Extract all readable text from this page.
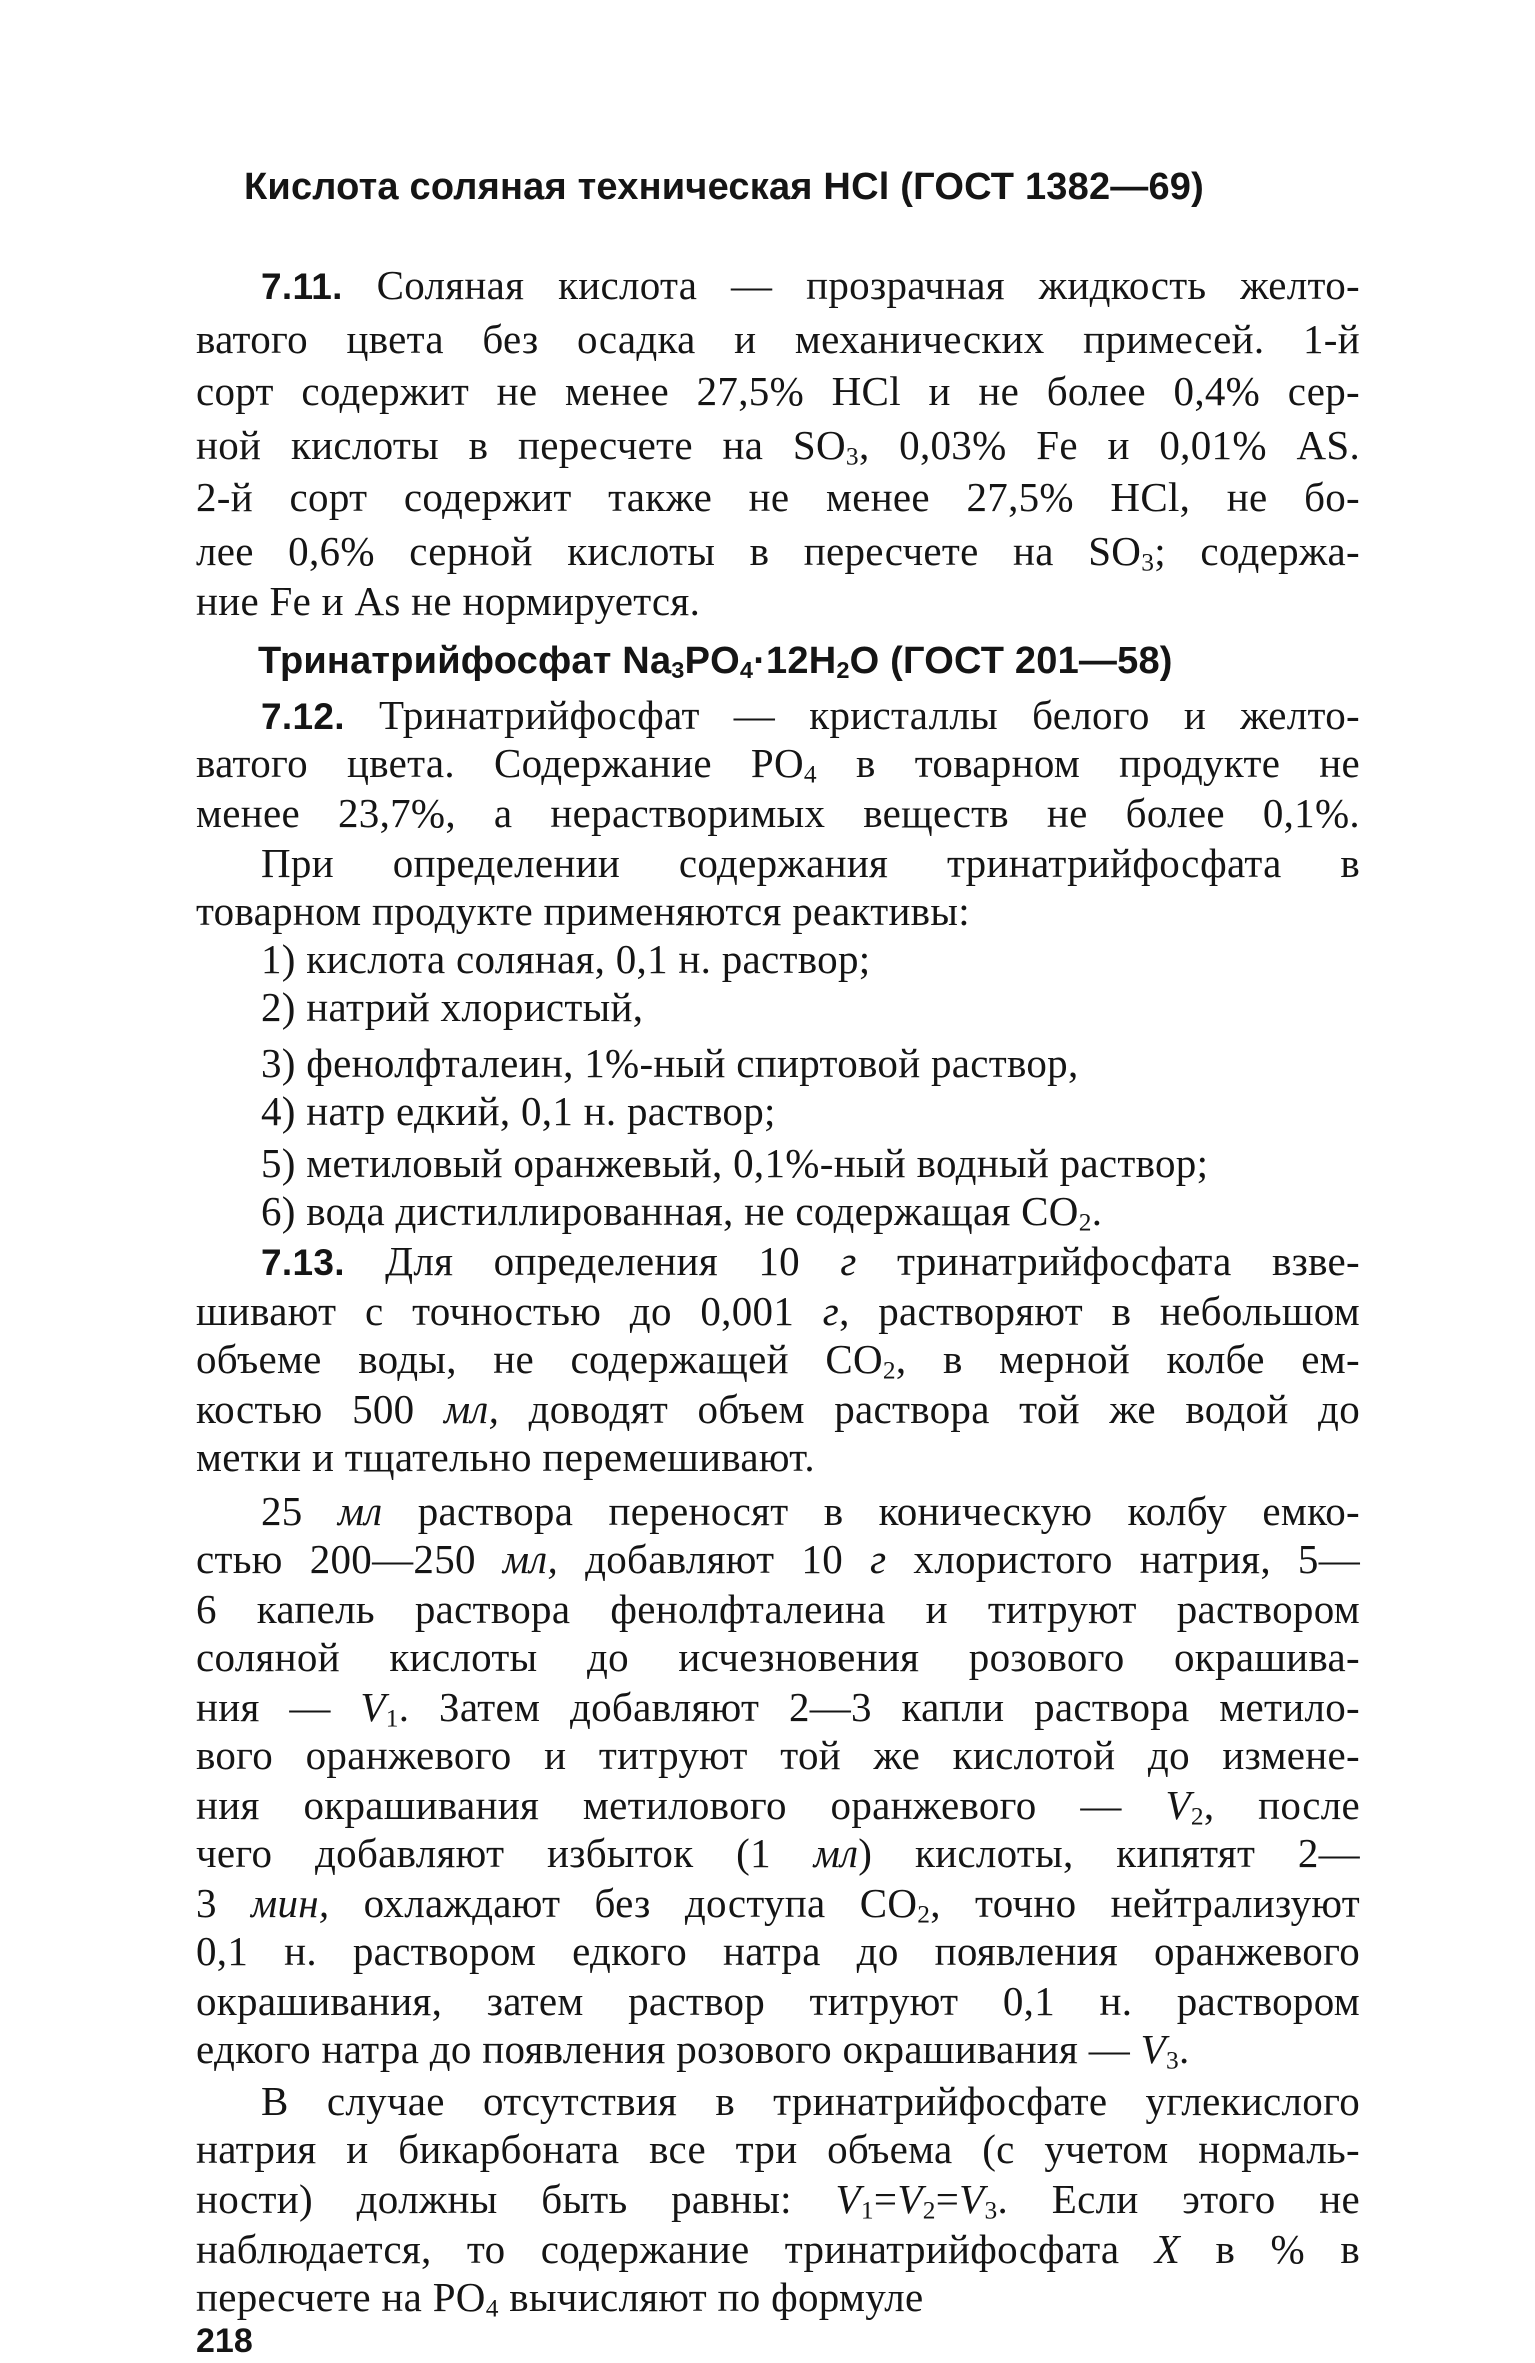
Кислота соляная техническая HCl (ГОСТ 1382—69)
7.11. Соляная кислота — прозрачная жидкость желто-
ватого цвета без осадка и механических примесей. 1-й
сорт содержит не менее 27,5% HCl и не более 0,4% сер-
ной кислоты в пересчете на $SO_3$, 0,03% Fe и 0,01% AS.
2-й сорт содержит также не менее 27,5% HCl, не бо-
лее 0,6% серной кислоты в пересчете на $SO_3$; содержа-
ние Fe и As не нормируется.
Тринатрийфосфат $Na_3PO_4\cdot 12H_2O$ (ГОСТ 201—58)
7.12. Тринатрийфосфат — кристаллы белого и желто-
ватого цвета. Содержание $PO_4$ в товарном продукте не
менее 23,7%, а нерастворимых веществ не более 0,1%.
При определении содержания тринатрийфосфата в
товарном продукте применяются реактивы:
1) кислота соляная, 0,1 н. раствор;
2) натрий хлористый,
3) фенолфталеин, 1%-ный спиртовой раствор,
4) натр едкий, 0,1 н. раствор;
5) метиловый оранжевый, 0,1%-ный водный раствор;
6) вода дистиллированная, не содержащая $CO_2$.
7.13. Для определения 10 г тринатрийфосфата взве-
шивают с точностью до 0,001 г, растворяют в небольшом
объеме воды, не содержащей $CO_2$, в мерной колбе ем-
костью 500 мл, доводят объем раствора той же водой до
метки и тщательно перемешивают.
25 мл раствора переносят в коническую колбу емко-
стью 200—250 мл, добавляют 10 г хлористого натрия, 5—
6 капель раствора фенолфталеина и титруют раствором
соляной кислоты до исчезновения розового окрашива-
ния — $V_1$. Затем добавляют 2—3 капли раствора метило-
вого оранжевого и титруют той же кислотой до измене-
ния окрашивания метилового оранжевого — $V_2$, после
чего добавляют избыток (1 мл) кислоты, кипятят 2—
3 мин, охлаждают без доступа $CO_2$, точно нейтрализуют
0,1 н. раствором едкого натра до появления оранжевого
окрашивания, затем раствор титруют 0,1 н. раствором
едкого натра до появления розового окрашивания — $V_3$.
В случае отсутствия в тринатрийфосфате углекислого
натрия и бикарбоната все три объема (с учетом нормаль-
ности) должны быть равны: $V_1=V_2=V_3$. Если этого не
наблюдается, то содержание тринатрийфосфата X в % в
пересчете на $PO_4$ вычисляют по формуле
218
